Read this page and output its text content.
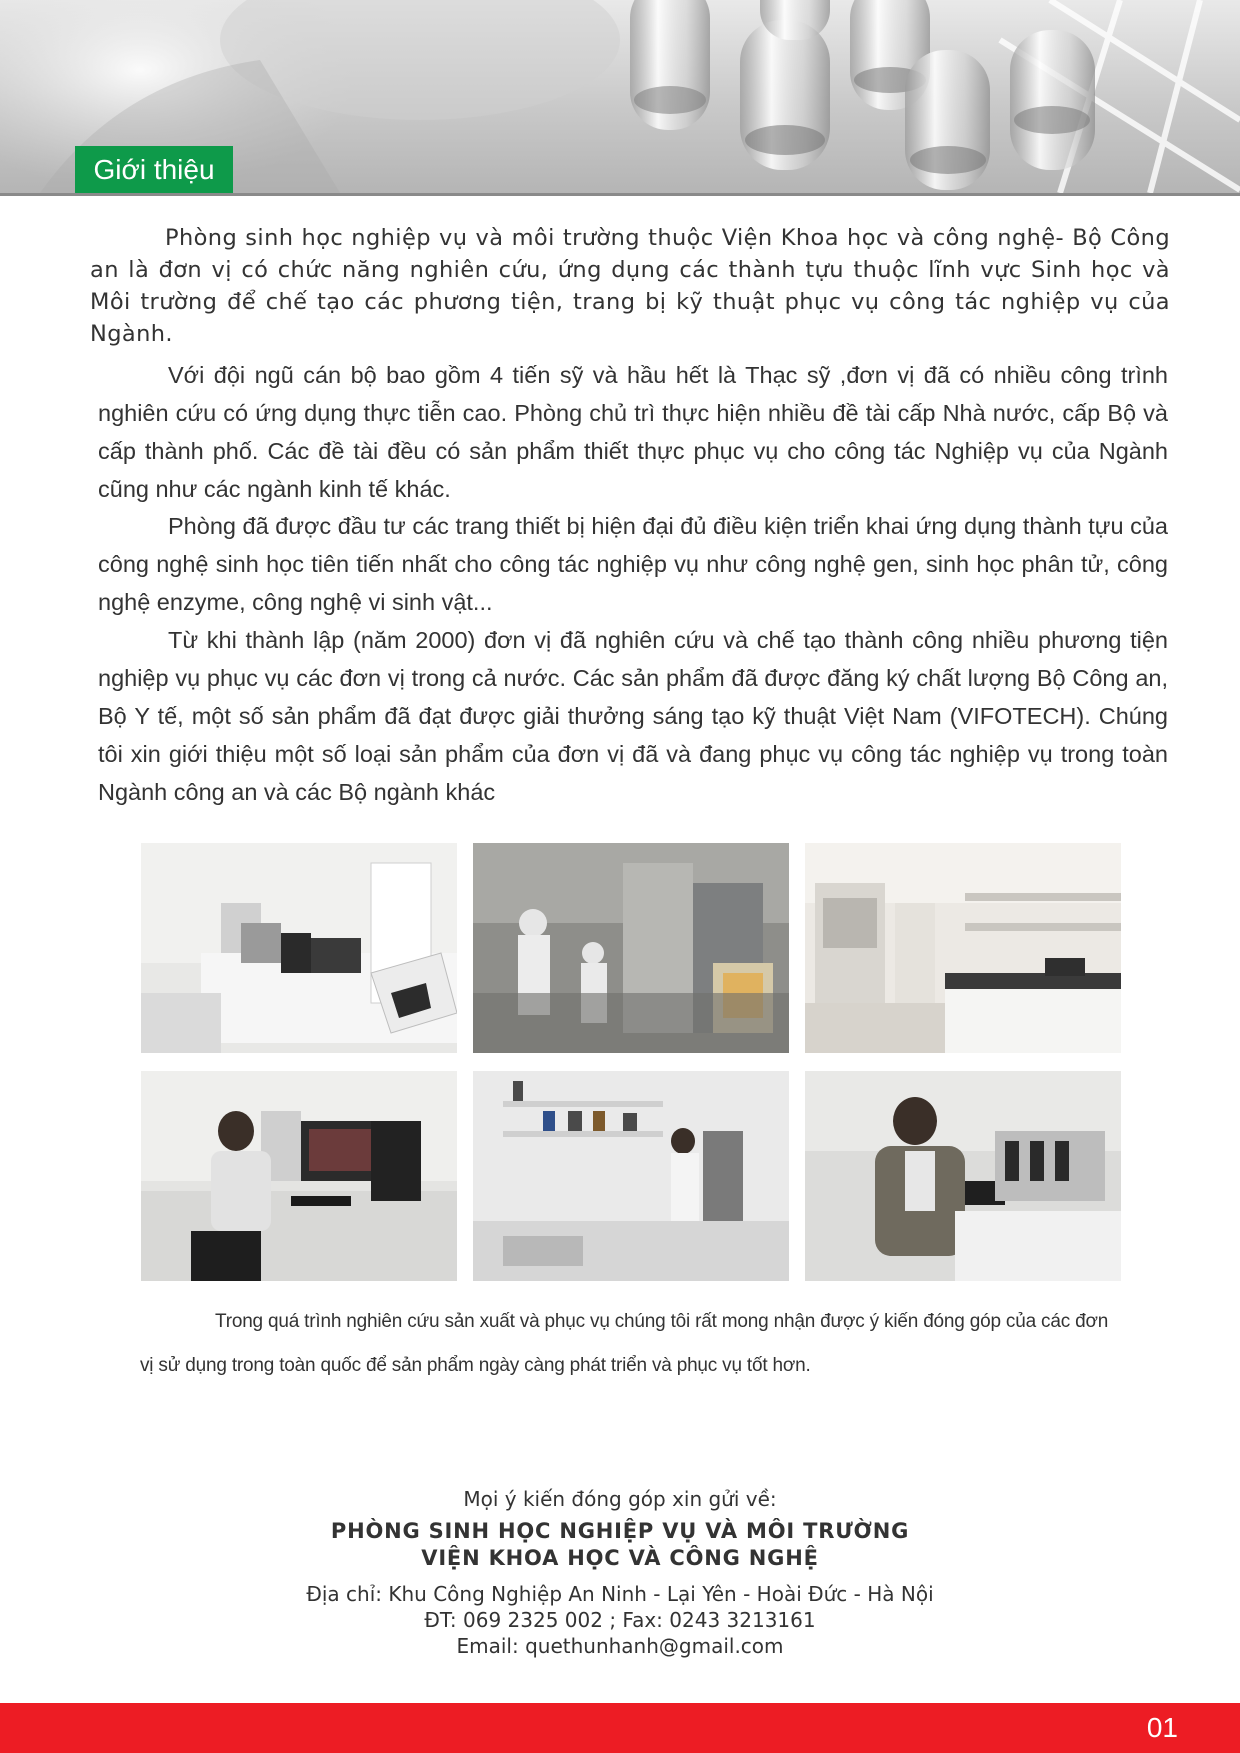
Giới thiệu

Phòng sinh học nghiệp vụ và môi trường thuộc Viện Khoa học và công nghệ- Bộ Công an là đơn vị có chức năng nghiên cứu, ứng dụng các thành tựu thuộc lĩnh vực Sinh học và Môi trường để chế tạo các phương tiện, trang bị kỹ thuật phục vụ công tác nghiệp vụ của Ngành.

Với đội ngũ cán bộ bao gồm 4 tiến sỹ và hầu hết là Thạc sỹ ,đơn vị đã có nhiều công trình nghiên cứu có ứng dụng thực tiễn cao. Phòng chủ trì thực hiện nhiều đề tài cấp Nhà nước, cấp Bộ và cấp thành phố. Các đề tài đều có sản phẩm thiết thực phục vụ cho công tác Nghiệp vụ của Ngành cũng như các ngành kinh tế khác.

Phòng đã được đầu tư các trang thiết bị hiện đại đủ điều kiện triển khai ứng dụng thành tựu của công nghệ sinh học tiên tiến nhất cho công tác nghiệp vụ như công nghệ gen, sinh học phân tử, công nghệ enzyme, công nghệ vi sinh vật...

Từ khi thành lập (năm 2000) đơn vị đã nghiên cứu và chế tạo thành công nhiều phương tiện nghiệp vụ phục vụ các đơn vị trong cả nước. Các sản phẩm đã được đăng ký chất lượng Bộ Công an, Bộ Y tế, một số sản phẩm đã đạt được giải thưởng sáng tạo kỹ thuật Việt Nam (VIFOTECH). Chúng tôi xin giới thiệu một số loại sản phẩm của đơn vị đã và đang phục vụ công tác nghiệp vụ trong toàn Ngành công an và các Bộ ngành khác

Trong quá trình nghiên cứu sản xuất và phục vụ chúng tôi rất mong nhận được ý kiến đóng góp của các đơn vị sử dụng trong toàn quốc để sản phẩm ngày càng phát triển và phục vụ tốt hơn.

Mọi ý kiến đóng góp xin gửi về:
PHÒNG SINH HỌC NGHIỆP VỤ VÀ MÔI TRƯỜNG
VIỆN KHOA HỌC VÀ CÔNG NGHỆ
Địa chỉ: Khu Công Nghiệp An Ninh - Lại Yên - Hoài Đức - Hà Nội
ĐT: 069 2325 002 ; Fax: 0243 3213161
Email: quethunhanh@gmail.com
01
